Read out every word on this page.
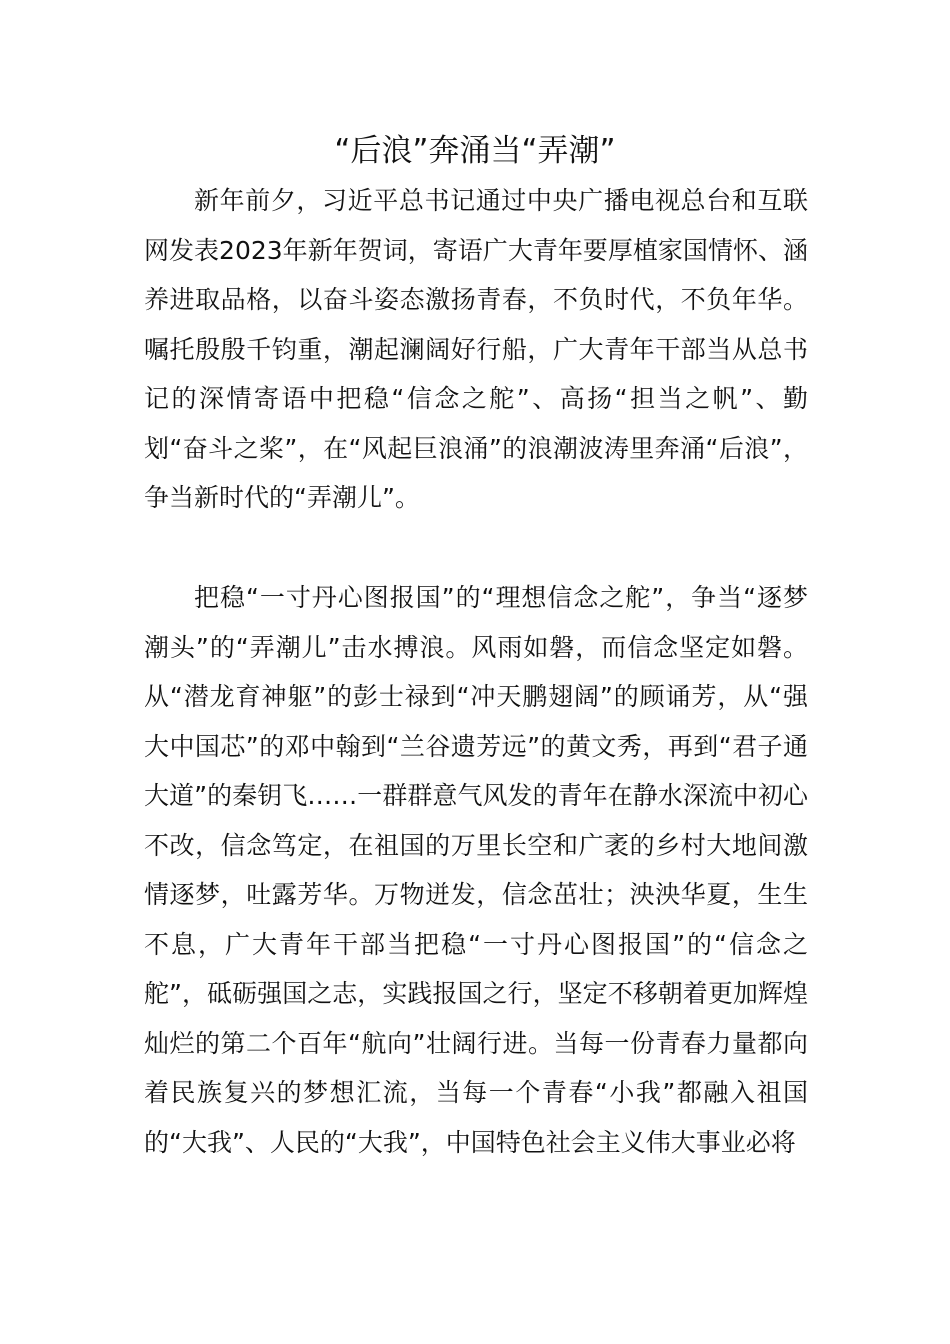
“后浪”奔涌当“弄潮”

新年前夕，习近平总书记通过中央广播电视总台和互联网发表2023年新年贺词，寄语广大青年要厚植家国情怀、涵养进取品格，以奋斗姿态激扬青春，不负时代，不负年华。嘱托殷殷千钧重，潮起澜阔好行船，广大青年干部当从总书记的深情寄语中把稳“信念之舵”、高扬“担当之帆”、勤划“奋斗之桨”，在“风起巨浪涌”的浪潮波涛里奔涌“后浪”，争当新时代的“弄潮儿”。

把稳“一寸丹心图报国”的“理想信念之舵”，争当“逐梦潮头”的“弄潮儿”击水搏浪。风雨如磐，而信念坚定如磐。从“潜龙育神躯”的彭士禄到“冲天鹏翅阔”的顾诵芳，从“强大中国芯”的邓中翰到“兰谷遗芳远”的黄文秀，再到“君子通大道”的秦钥飞……一群群意气风发的青年在静水深流中初心不改，信念笃定，在祖国的万里长空和广袤的乡村大地间激情逐梦，吐露芳华。万物迸发，信念茁壮；泱泱华夏，生生不息，广大青年干部当把稳“一寸丹心图报国”的“信念之舵”，砥砺强国之志，实践报国之行，坚定不移朝着更加辉煌灿烂的第二个百年“航向”壮阔行进。当每一份青春力量都向着民族复兴的梦想汇流，当每一个青春“小我”都融入祖国的“大我”、人民的“大我”，中国特色社会主义伟大事业必将
